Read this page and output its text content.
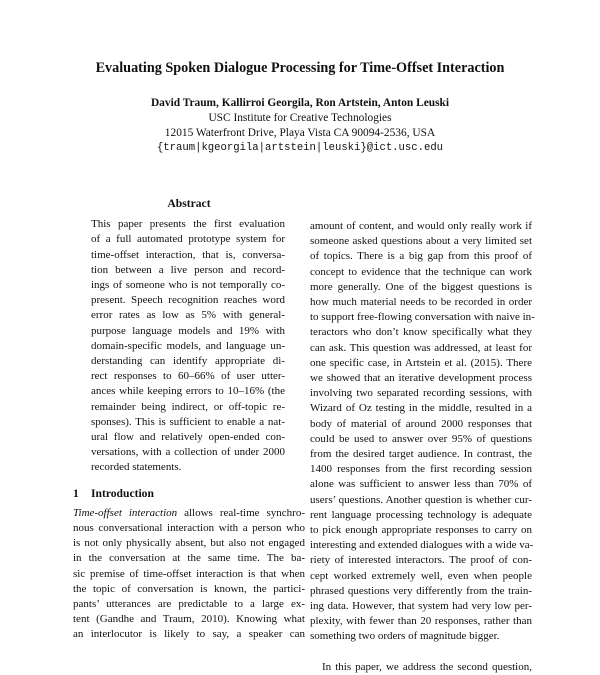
Evaluating Spoken Dialogue Processing for Time-Offset Interaction
David Traum, Kallirroi Georgila, Ron Artstein, Anton Leuski
USC Institute for Creative Technologies
12015 Waterfront Drive, Playa Vista CA 90094-2536, USA
{traum|kgeorgila|artstein|leuski}@ict.usc.edu
Abstract
This paper presents the first evaluation
of a full automated prototype system for
time-offset interaction, that is, conversa-
tion between a live person and record-
ings of someone who is not temporally co-
present. Speech recognition reaches word
error rates as low as 5% with general-
purpose language models and 19% with
domain-specific models, and language un-
derstanding can identify appropriate di-
rect responses to 60–66% of user utter-
ances while keeping errors to 10–16% (the
remainder being indirect, or off-topic re-
sponses). This is sufficient to enable a nat-
ural flow and relatively open-ended con-
versations, with a collection of under 2000
recorded statements.
1 Introduction
Time-offset interaction allows real-time synchro-
nous conversational interaction with a person who
is not only physically absent, but also not engaged
in the conversation at the same time. The ba-
sic premise of time-offset interaction is that when
the topic of conversation is known, the partici-
pants’ utterances are predictable to a large ex-
tent (Gandhe and Traum, 2010). Knowing what
an interlocutor is likely to say, a speaker can
amount of content, and would only really work if
someone asked questions about a very limited set
of topics. There is a big gap from this proof of
concept to evidence that the technique can work
more generally. One of the biggest questions is
how much material needs to be recorded in order
to support free-flowing conversation with naive in-
teractors who don’t know specifically what they
can ask. This question was addressed, at least for
one specific case, in Artstein et al. (2015). There
we showed that an iterative development process
involving two separated recording sessions, with
Wizard of Oz testing in the middle, resulted in a
body of material of around 2000 responses that
could be used to answer over 95% of questions
from the desired target audience. In contrast, the
1400 responses from the first recording session
alone was sufficient to answer less than 70% of
users’ questions. Another question is whether cur-
rent language processing technology is adequate
to pick enough appropriate responses to carry on
interesting and extended dialogues with a wide va-
riety of interested interactors. The proof of con-
cept worked extremely well, even when people
phrased questions very differently from the train-
ing data. However, that system had very low per-
plexity, with fewer than 20 responses, rather than
something two orders of magnitude bigger.
In this paper, we address the second question,
